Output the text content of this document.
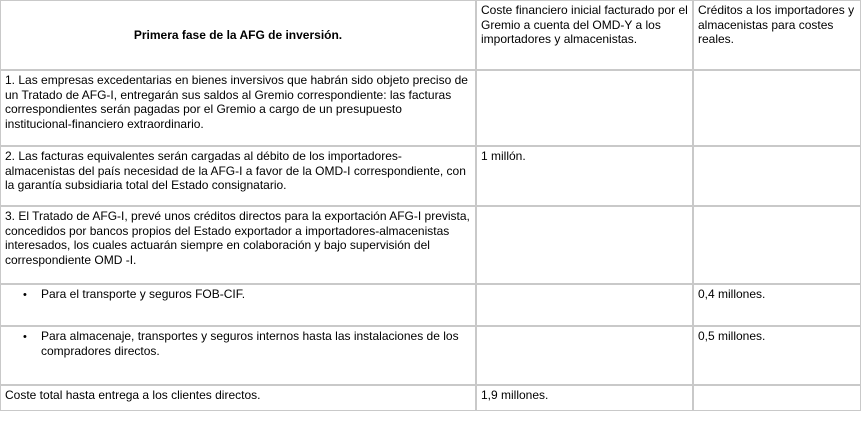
Primera fase de la AFG de inversión.	Coste financiero inicial facturado por el Gremio a cuenta del OMD-Y a los importadores y almacenistas.	Créditos a los importadores y almacenistas para costes reales.
1. Las empresas excedentarias en bienes inversivos que habrán sido objeto preciso de un Tratado de AFG-I, entregarán sus saldos al Gremio correspondiente: las facturas correspondientes serán pagadas por el Gremio a cargo de un presupuesto institucional-financiero extraordinario.		
2. Las facturas equivalentes serán cargadas al débito de los importadores-almacenistas del país necesidad de la AFG-I a favor de la OMD-I correspondiente, con la garantía subsidiaria total del Estado consignatario.	1 millón.	
3. El Tratado de AFG-I, prevé unos créditos directos para la exportación AFG-I prevista, concedidos por bancos propios del Estado exportador a importadores-almacenistas interesados, los cuales actuarán siempre en colaboración y bajo supervisión del correspondiente OMD -I.		

• Para el transporte y seguros FOB-CIF.		0,4 millones.

• Para almacenaje, transportes y seguros internos hasta las instalaciones de los compradores directos.		0,5 millones.
Coste total hasta entrega a los clientes directos.	1,9 millones.	
